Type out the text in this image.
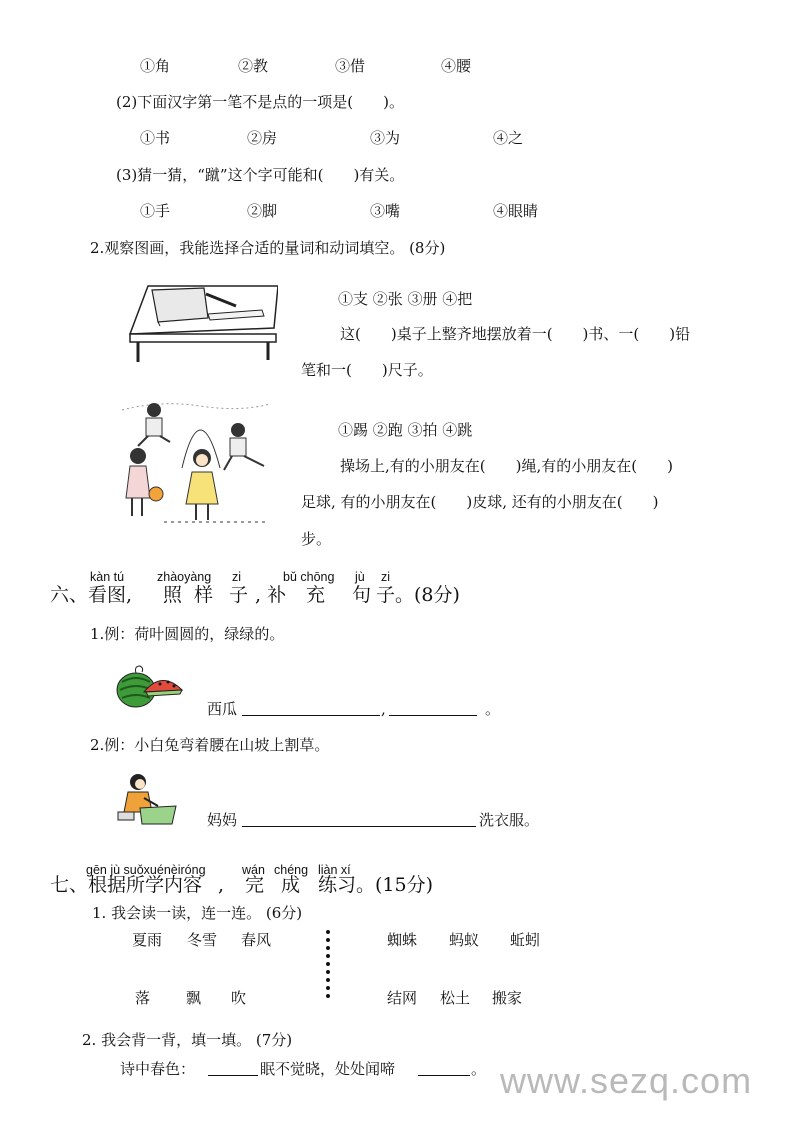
①角	②教	③借	④腰
(2)下面汉字第一笔不是点的一项是(　　)。
①书	②房	③为	④之
(3)猜一猜，“蹴”这个字可能和(　　)有关。
①手	②脚	③嘴	④眼睛
2.观察图画，我能选择合适的量词和动词填空。 (8分)
①支 ②张 ③册 ④把
这(　　)桌子上整齐地摆放着一(　　)书、一(　　)铅
笔和一(　　)尺子。
①踢 ②跑 ③拍 ④跳
操场上,有的小朋友在(　　)绳,有的小朋友在(　　)
足球, 有的小朋友在(　　)皮球, 还有的小朋友在(　　)
步。
kàn tú	zhàoyàng zi	bǔ chōng jù zi
六、看图, 照 样 子 , 补 充 句 子。(8分)
1.例：荷叶圆圆的，绿绿的。
西瓜	,	。
2.例：小白兔弯着腰在山坡上割草。
妈妈	洗衣服。
gēn jù suǒxuénèiróng	wán chéng liàn xí
七、 根据所学内容 , 完 成 练习。(15分)
1. 我会读一读，连一连。 (6分)
夏雨 冬雪 春风	蜘蛛 蚂蚁 蚯蚓
落 飘 吹	结网 松土 搬家
2. 我会背一背，填一填。 (7分)
诗中春色：	眠不觉晓，处处闻啼	。 www.sezq.com
